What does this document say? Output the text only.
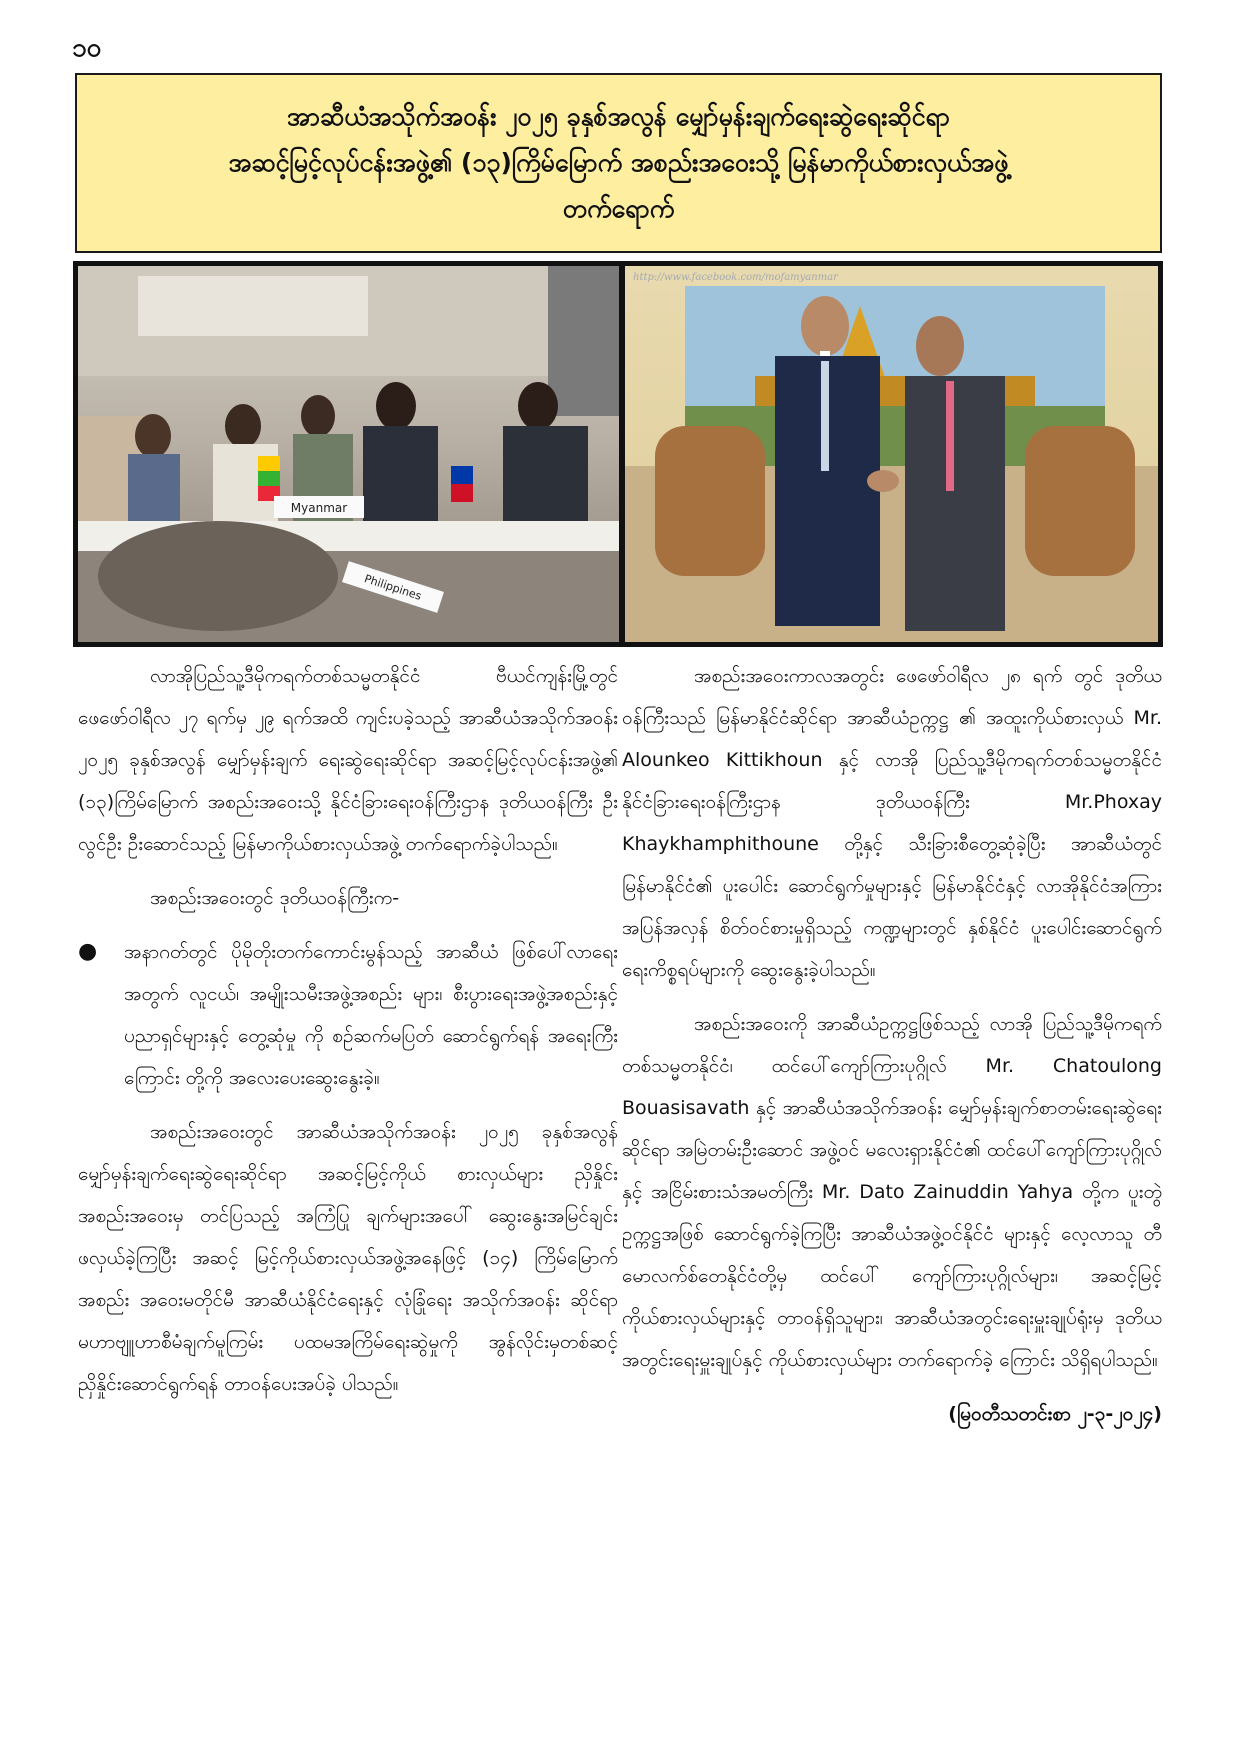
၁၀
အာဆီယံအသိုက်အဝန်း ၂၀၂၅ ခုနှစ်အလွန် မျှော်မှန်းချက်ရေးဆွဲရေးဆိုင်ရာ
အဆင့်မြင့်လုပ်ငန်းအဖွဲ့၏ (၁၃)ကြိမ်မြောက် အစည်းအဝေးသို့ မြန်မာကိုယ်စားလှယ်အဖွဲ့
တက်ရောက်
Myanmar
Philippines

လာအိုပြည်သူ့ဒီမိုကရက်တစ်သမ္မတနိုင်ငံ ဗီယင်ကျန်းမြို့တွင် ဖေဖော်ဝါရီလ ၂၇ ရက်မှ ၂၉ ရက်အထိ ကျင်းပခဲ့သည့် အာဆီယံအသိုက်အဝန်း ၂၀၂၅ ခုနှစ်အလွန် မျှော်မှန်းချက် ရေးဆွဲရေးဆိုင်ရာ အဆင့်မြင့်လုပ်ငန်းအဖွဲ့၏ (၁၃)ကြိမ်မြောက် အစည်းအဝေးသို့ နိုင်ငံခြားရေးဝန်ကြီးဌာန ဒုတိယဝန်ကြီး ဦးလွင်ဦး ဦးဆောင်သည့် မြန်မာကိုယ်စားလှယ်အဖွဲ့ တက်ရောက်ခဲ့ပါသည်။

အစည်းအဝေးတွင် ဒုတိယဝန်ကြီးက-

●	အနာဂတ်တွင် ပိုမိုတိုးတက်ကောင်းမွန်သည့် အာဆီယံ ဖြစ်ပေါ်လာရေးအတွက် လူငယ်၊ အမျိုးသမီးအဖွဲ့အစည်း များ၊ စီးပွားရေးအဖွဲ့အစည်းနှင့် ပညာရှင်များနှင့် တွေ့ဆုံမှု ကို စဉ်ဆက်မပြတ် ဆောင်ရွက်ရန် အရေးကြီးကြောင်း တို့ကို အလေးပေးဆွေးနွေးခဲ့။

အစည်းအဝေးတွင် အာဆီယံအသိုက်အဝန်း ၂၀၂၅ ခုနှစ်အလွန် မျှော်မှန်းချက်ရေးဆွဲရေးဆိုင်ရာ အဆင့်မြင့်ကိုယ် စားလှယ်များ ညှိနှိုင်းအစည်းအဝေးမှ တင်ပြသည့် အကြံပြု ချက်များအပေါ် ဆွေးနွေးအမြင်ချင်းဖလှယ်ခဲ့ကြပြီး အဆင့် မြင့်ကိုယ်စားလှယ်အဖွဲ့အနေဖြင့် (၁၄) ကြိမ်မြောက် အစည်း အဝေးမတိုင်မီ အာဆီယံနိုင်ငံရေးနှင့် လုံခြုံရေး အသိုက်အဝန်း ဆိုင်ရာ မဟာဗျူဟာစီမံချက်မူကြမ်း ပထမအကြိမ်ရေးဆွဲမှုကို အွန်လိုင်းမှတစ်ဆင့် ညှိနှိုင်းဆောင်ရွက်ရန် တာဝန်ပေးအပ်ခဲ့ ပါသည်။

အစည်းအဝေးကာလအတွင်း ဖေဖော်ဝါရီလ ၂၈ ရက် တွင် ဒုတိယဝန်ကြီးသည် မြန်မာနိုင်ငံဆိုင်ရာ အာဆီယံဥက္ကဋ္ဌ ၏ အထူးကိုယ်စားလှယ် Mr. Alounkeo Kittikhoun နှင့် လာအို ပြည်သူ့ဒီမိုကရက်တစ်သမ္မတနိုင်ငံ နိုင်ငံခြားရေးဝန်ကြီးဌာန ဒုတိယဝန်ကြီး Mr.Phoxay Khaykhamphithoune တို့နှင့် သီးခြားစီတွေ့ဆုံခဲ့ပြီး အာဆီယံတွင် မြန်မာနိုင်ငံ၏ ပူးပေါင်း ဆောင်ရွက်မှုများနှင့် မြန်မာနိုင်ငံနှင့် လာအိုနိုင်ငံအကြား အပြန်အလှန် စိတ်ဝင်စားမှုရှိသည့် ကဏ္ဍများတွင် နှစ်နိုင်ငံ ပူးပေါင်းဆောင်ရွက်ရေးကိစ္စရပ်များကို ဆွေးနွေးခဲ့ပါသည်။

အစည်းအဝေးကို အာဆီယံဥက္ကဋ္ဌဖြစ်သည့် လာအို ပြည်သူ့ဒီမိုကရက်တစ်သမ္မတနိုင်ငံ၊ ထင်ပေါ်ကျော်ကြားပုဂ္ဂိုလ် Mr. Chatoulong Bouasisavath နှင့် အာဆီယံအသိုက်အဝန်း မျှော်မှန်းချက်စာတမ်းရေးဆွဲရေးဆိုင်ရာ အမြဲတမ်းဦးဆောင် အဖွဲ့ဝင် မလေးရှားနိုင်ငံ၏ ထင်ပေါ်ကျော်ကြားပုဂ္ဂိုလ်နှင့် အငြိမ်းစားသံအမတ်ကြီး Mr. Dato Zainuddin Yahya တို့က ပူးတွဲဥက္ကဋ္ဌအဖြစ် ဆောင်ရွက်ခဲ့ကြပြီး အာဆီယံအဖွဲ့ဝင်နိုင်ငံ များနှင့် လေ့လာသူ တီမောလက်စ်တေနိုင်ငံတို့မှ ထင်ပေါ် ကျော်ကြားပုဂ္ဂိုလ်များ၊ အဆင့်မြင့်ကိုယ်စားလှယ်များနှင့် တာဝန်ရှိသူများ၊ အာဆီယံအတွင်းရေးမှူးချုပ်ရုံးမှ ဒုတိယ အတွင်းရေးမှူးချုပ်နှင့် ကိုယ်စားလှယ်များ တက်ရောက်ခဲ့ ကြောင်း သိရှိရပါသည်။

(မြဝတီသတင်းစာ ၂-၃-၂၀၂၄)
